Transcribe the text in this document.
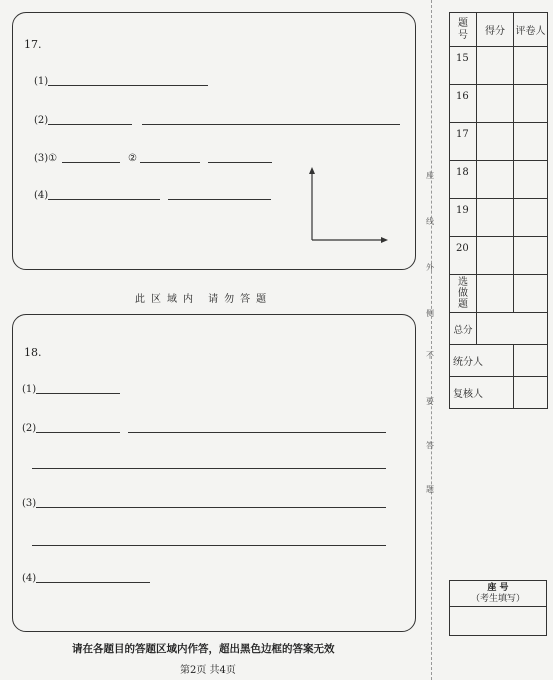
17.
(1)
(2)
(3)①	②
(4)
此区域内 请勿答题
18.
(1)
(2)
(3)
(4)
座
线
外
侧
不
要
答
题
题号	得分	评卷人
15		
16		
17		
18		
19		
20		
选做题		
总分		
统分人		
复核人		
座 号
（考生填写）
请在各题目的答题区域内作答，超出黑色边框的答案无效
第2页 共4页
